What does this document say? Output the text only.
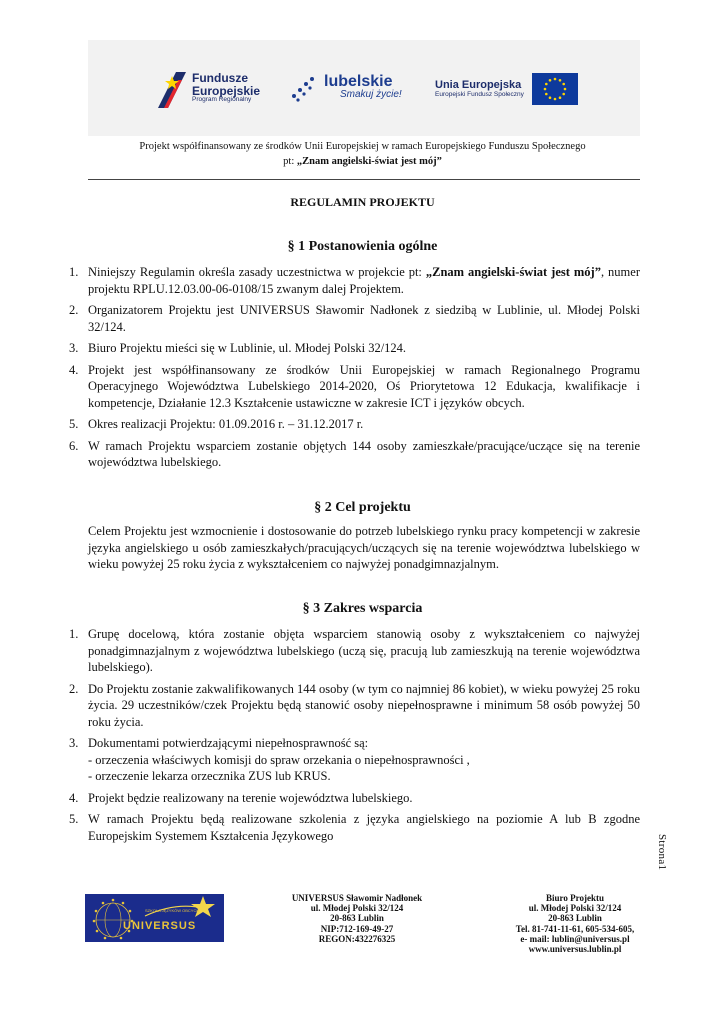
Fundusze
Europejskie
Program Regionalny
lubelskie
Smakuj życie!
Unia Europejska
Europejski Fundusz Społeczny
Projekt współfinansowany ze środków Unii Europejskiej w ramach Europejskiego Funduszu Społecznego
pt: „Znam angielski-świat jest mój”
REGULAMIN PROJEKTU
§ 1 Postanowienia ogólne
1. Niniejszy Regulamin określa zasady uczestnictwa w projekcie pt: „Znam angielski-świat jest mój”, numer projektu RPLU.12.03.00-06-0108/15 zwanym dalej Projektem.
2. Organizatorem Projektu jest UNIVERSUS Sławomir Nadłonek z siedzibą w Lublinie, ul. Młodej Polski 32/124.
3. Biuro Projektu mieści się w Lublinie, ul. Młodej Polski 32/124.
4. Projekt jest współfinansowany ze środków Unii Europejskiej w ramach Regionalnego Programu Operacyjnego Województwa Lubelskiego 2014-2020, Oś Priorytetowa 12 Edukacja, kwalifikacje i kompetencje, Działanie 12.3 Kształcenie ustawiczne w zakresie ICT i języków obcych.
5. Okres realizacji Projektu: 01.09.2016 r. – 31.12.2017 r.
6. W ramach Projektu wsparciem zostanie objętych 144 osoby zamieszkałe/pracujące/uczące się na terenie województwa lubelskiego.
§ 2 Cel projektu
Celem Projektu jest wzmocnienie i dostosowanie do potrzeb lubelskiego rynku pracy kompetencji w zakresie języka angielskiego u osób zamieszkałych/pracujących/uczących się na terenie województwa lubelskiego w wieku powyżej 25 roku życia z wykształceniem co najwyżej ponadgimnazjalnym.
§ 3 Zakres wsparcia
1. Grupę docelową, która zostanie objęta wsparciem stanowią osoby z wykształceniem co najwyżej ponadgimnazjalnym z województwa lubelskiego (uczą się, pracują lub zamieszkują na terenie województwa lubelskiego).
2. Do Projektu zostanie zakwalifikowanych 144 osoby (w tym co najmniej 86 kobiet), w wieku powyżej 25 roku życia. 29 uczestników/czek Projektu będą stanowić osoby niepełnosprawne i minimum 58 osób powyżej 50 roku życia.
3. Dokumentami potwierdzającymi niepełnosprawność są:
- orzeczenia właściwych komisji do spraw orzekania o niepełnosprawności ,
- orzeczenie lekarza orzecznika ZUS lub KRUS.
4. Projekt będzie realizowany na terenie województwa lubelskiego.
5. W ramach Projektu będą realizowane szkolenia z języka angielskiego na poziomie A lub B zgodne Europejskim Systemem Kształcenia Językowego	Strona1
SZKOŁA JĘZYKÓW OBCYCH
UNIVERSUS
UNIVERSUS Sławomir Nadłonek
ul. Młodej Polski 32/124
20-863 Lublin
NIP:712-169-49-27
REGON:432276325
Biuro Projektu
ul. Młodej Polski 32/124
20-863 Lublin
Tel. 81-741-11-61, 605-534-605,
e- mail: lublin@universus.pl
www.universus.lublin.pl
